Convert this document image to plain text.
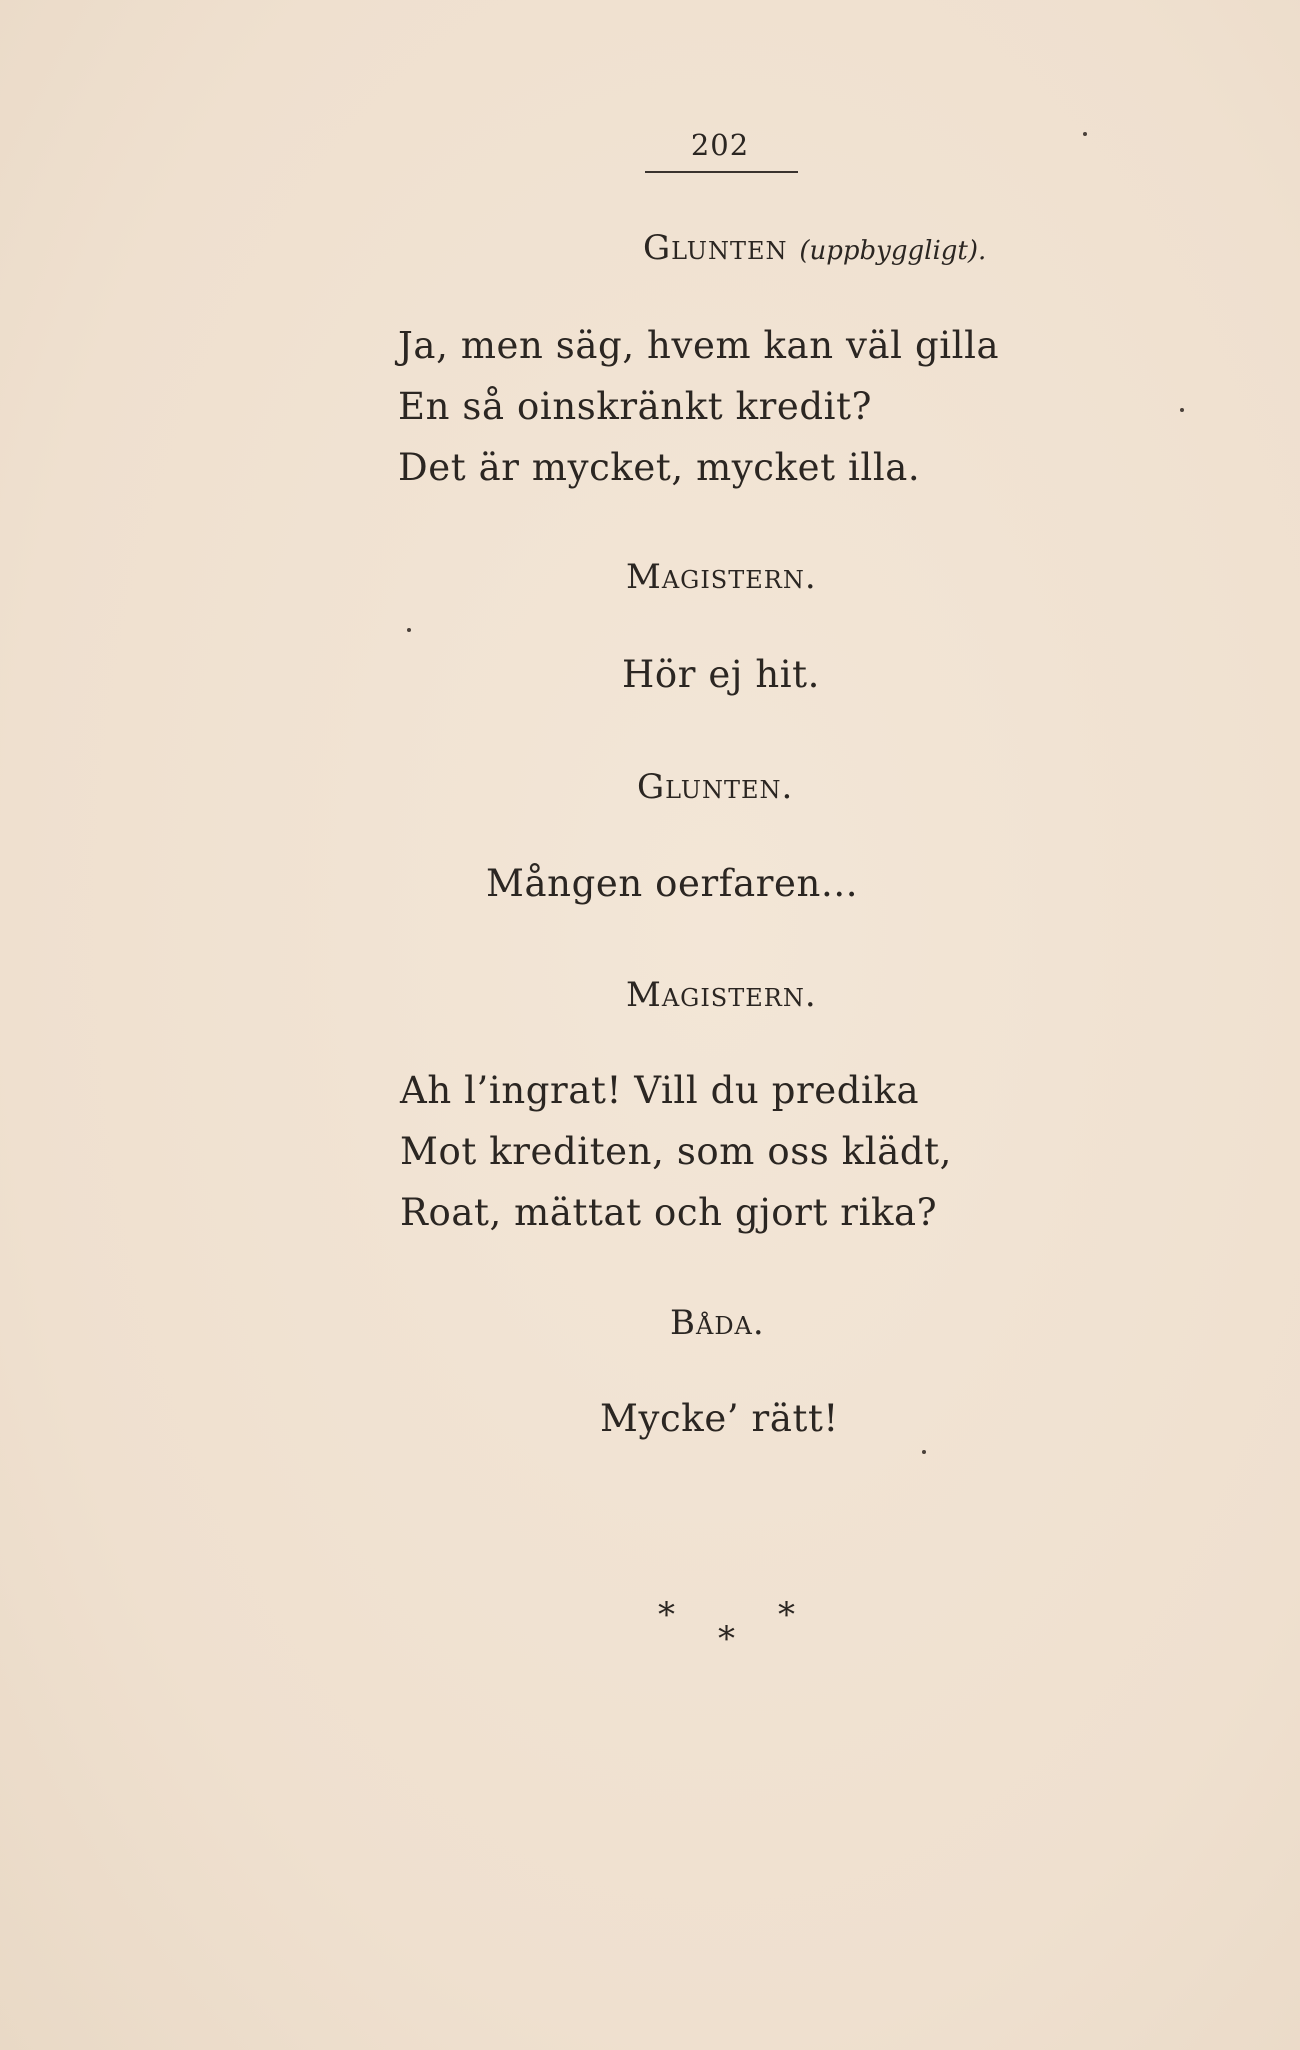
202
Glunten (uppbyggligt).
Ja, men säg, hvem kan väl gilla
En så oinskränkt kredit?
Det är mycket, mycket illa.
Magistern.
Hör ej hit.
Glunten.
Mången oerfaren...
Magistern.
Ah l’ingrat! Vill du predika
Mot krediten, som oss klädt,
Roat, mättat och gjort rika?
Båda.
Mycke’ rätt!
*	*
*
